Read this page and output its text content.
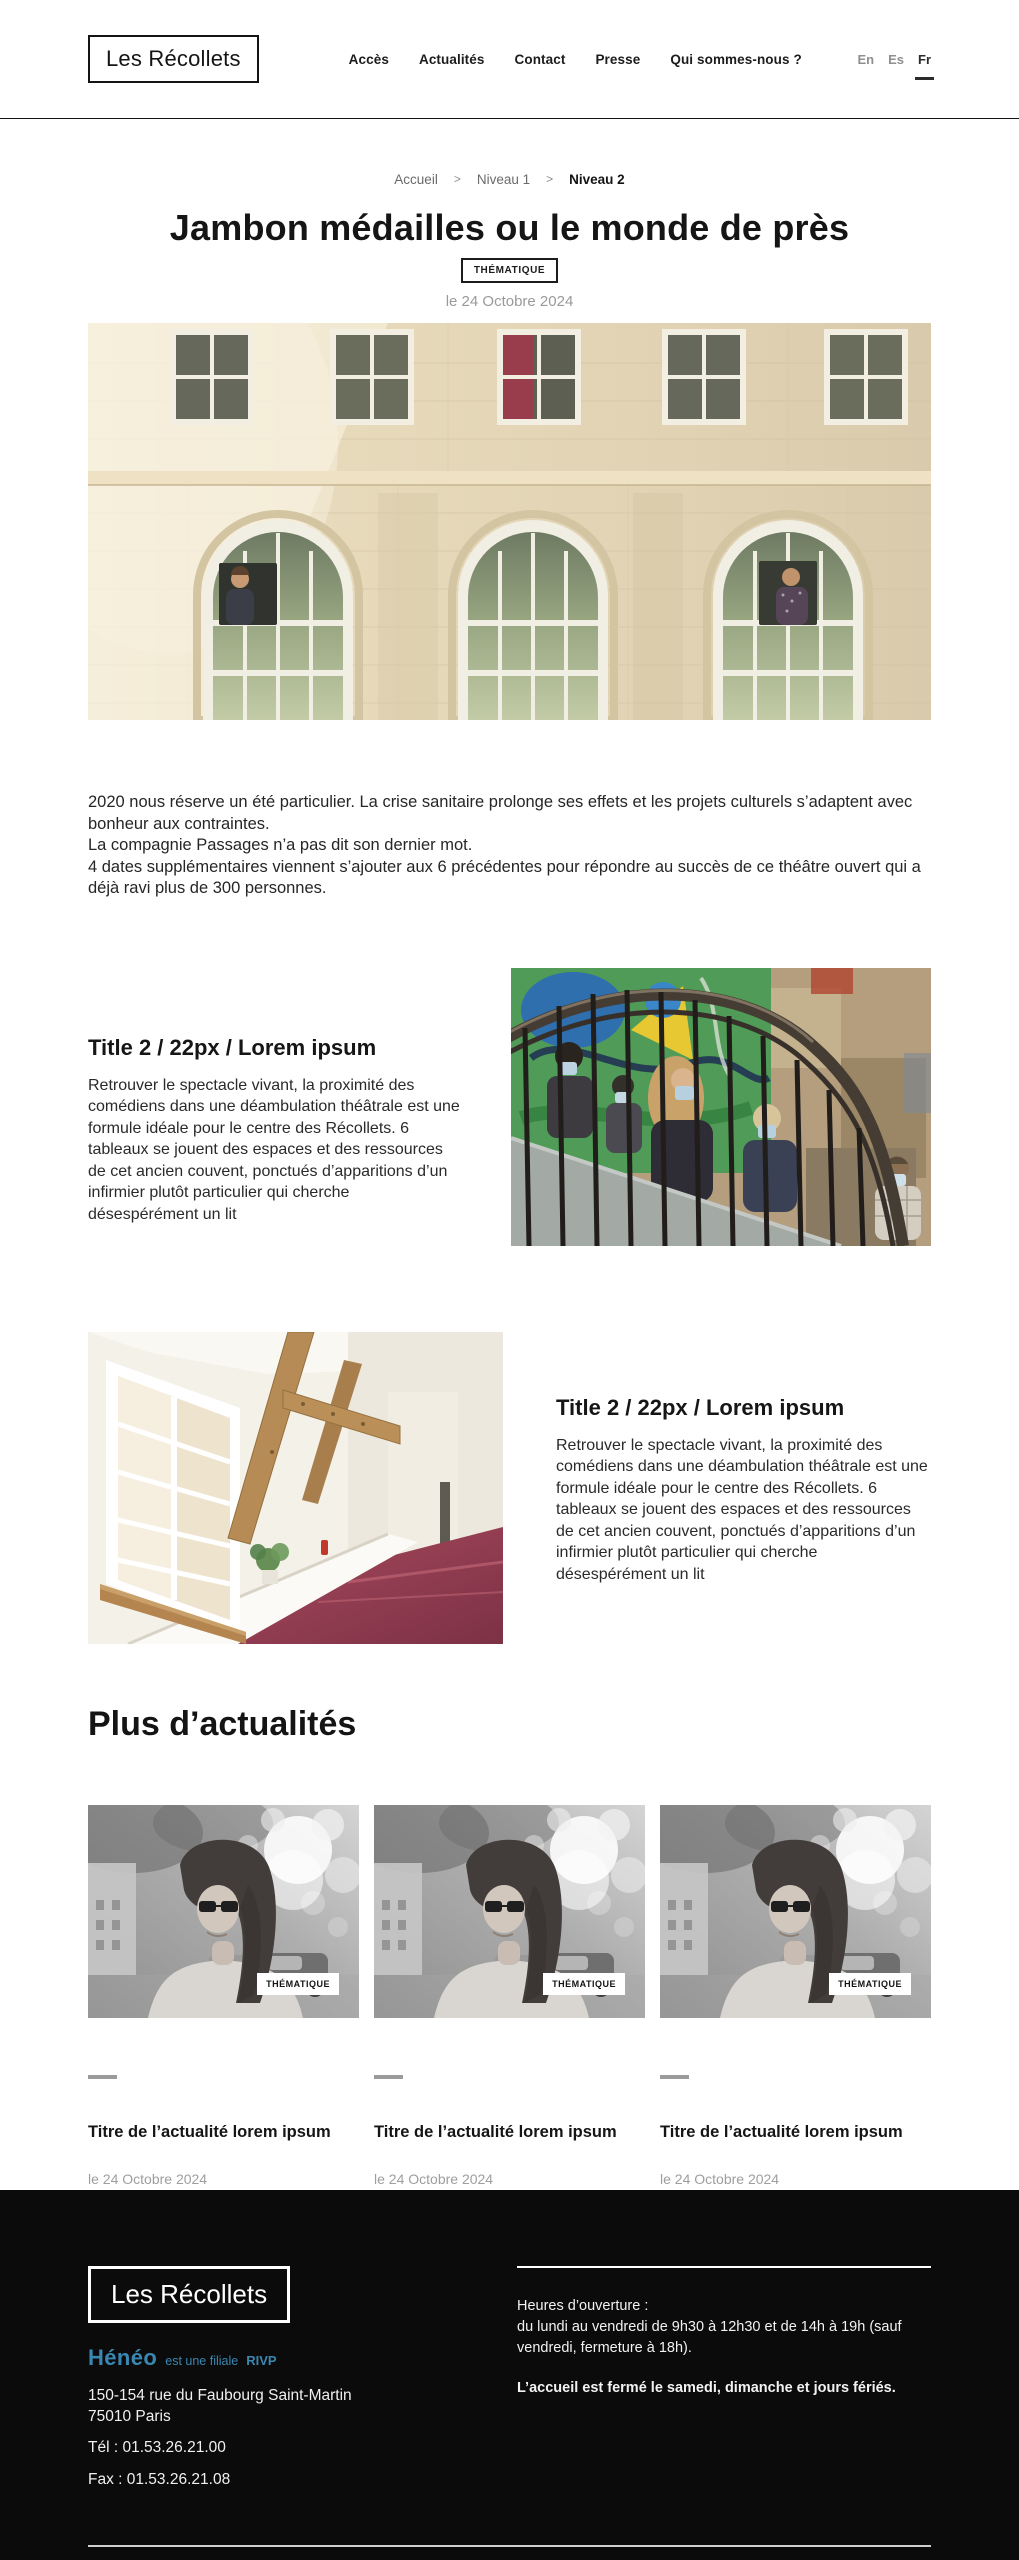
Les Récollets	Accès Actualités Contact Presse Qui sommes-nous ?	En Es Fr
Accueil > Niveau 1 > Niveau 2
Jambon médailles ou le monde de près
THÉMATIQUE
le 24 Octobre 2024
2020 nous réserve un été particulier. La crise sanitaire prolonge ses effets et les projets culturels s’adaptent avec bonheur aux contraintes.
La compagnie Passages n’a pas dit son dernier mot.
4 dates supplémentaires viennent s’ajouter aux 6 précédentes pour répondre au succès de ce théâtre ouvert qui a déjà ravi plus de 300 personnes.
Title 2 / 22px / Lorem ipsum

Retrouver le spectacle vivant, la proximité des comédiens dans une déambulation théâtrale est une formule idéale pour le centre des Récollets. 6 tableaux se jouent des espaces et des ressources de cet ancien couvent, ponctués d’apparitions d’un infirmier plutôt particulier qui cherche désespérément un lit

Title 2 / 22px / Lorem ipsum

Retrouver le spectacle vivant, la proximité des comédiens dans une déambulation théâtrale est une formule idéale pour le centre des Récollets. 6 tableaux se jouent des espaces et des ressources de cet ancien couvent, ponctués d’apparitions d’un infirmier plutôt particulier qui cherche désespérément un lit

Plus d’actualités
THÉMATIQUE
Titre de l’actualité lorem ipsum
le 24 Octobre 2024
THÉMATIQUE
Titre de l’actualité lorem ipsum
le 24 Octobre 2024
THÉMATIQUE
Titre de l’actualité lorem ipsum
le 24 Octobre 2024
Les Récollets
Hénéo est une filiale RIVP
150-154 rue du Faubourg Saint-Martin
75010 Paris
Tél : 01.53.26.21.00
Fax : 01.53.26.21.08
Heures d’ouverture :
du lundi au vendredi de 9h30 à 12h30 et de 14h à 19h (sauf vendredi, fermeture à 18h).
L’accueil est fermé le samedi, dimanche et jours fériés.
